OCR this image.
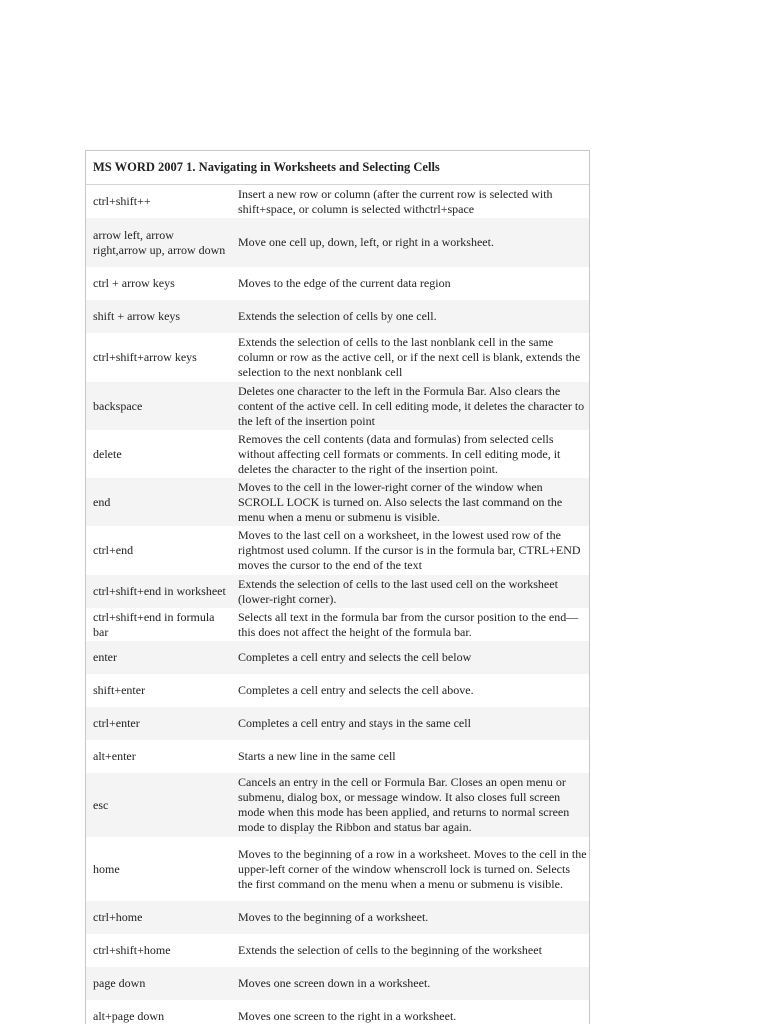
MS WORD 2007 1. Navigating in Worksheets and Selecting Cells
ctrl+shift++	Insert a new row or column (after the current row is selected with shift+space, or column is selected withctrl+space
arrow left, arrow right,arrow up, arrow down	Move one cell up, down, left, or right in a worksheet.
ctrl + arrow keys	Moves to the edge of the current data region
shift + arrow keys	Extends the selection of cells by one cell.
ctrl+shift+arrow keys	Extends the selection of cells to the last nonblank cell in the same column or row as the active cell, or if the next cell is blank, extends the selection to the next nonblank cell
backspace	Deletes one character to the left in the Formula Bar. Also clears the content of the active cell. In cell editing mode, it deletes the character to the left of the insertion point
delete	Removes the cell contents (data and formulas) from selected cells without affecting cell formats or comments. In cell editing mode, it deletes the character to the right of the insertion point.
end	Moves to the cell in the lower-right corner of the window when SCROLL LOCK is turned on. Also selects the last command on the menu when a menu or submenu is visible.
ctrl+end	Moves to the last cell on a worksheet, in the lowest used row of the rightmost used column. If the cursor is in the formula bar, CTRL+END moves the cursor to the end of the text
ctrl+shift+end in worksheet	Extends the selection of cells to the last used cell on the worksheet (lower-right corner).
ctrl+shift+end in formula bar	Selects all text in the formula bar from the cursor position to the end—this does not affect the height of the formula bar.
enter	Completes a cell entry and selects the cell below
shift+enter	Completes a cell entry and selects the cell above.
ctrl+enter	Completes a cell entry and stays in the same cell
alt+enter	Starts a new line in the same cell
esc	Cancels an entry in the cell or Formula Bar. Closes an open menu or submenu, dialog box, or message window. It also closes full screen mode when this mode has been applied, and returns to normal screen mode to display the Ribbon and status bar again.
home	Moves to the beginning of a row in a worksheet. Moves to the cell in the upper-left corner of the window whenscroll lock is turned on. Selects the first command on the menu when a menu or submenu is visible.
ctrl+home	Moves to the beginning of a worksheet.
ctrl+shift+home	Extends the selection of cells to the beginning of the worksheet
page down	Moves one screen down in a worksheet.
alt+page down	Moves one screen to the right in a worksheet.
